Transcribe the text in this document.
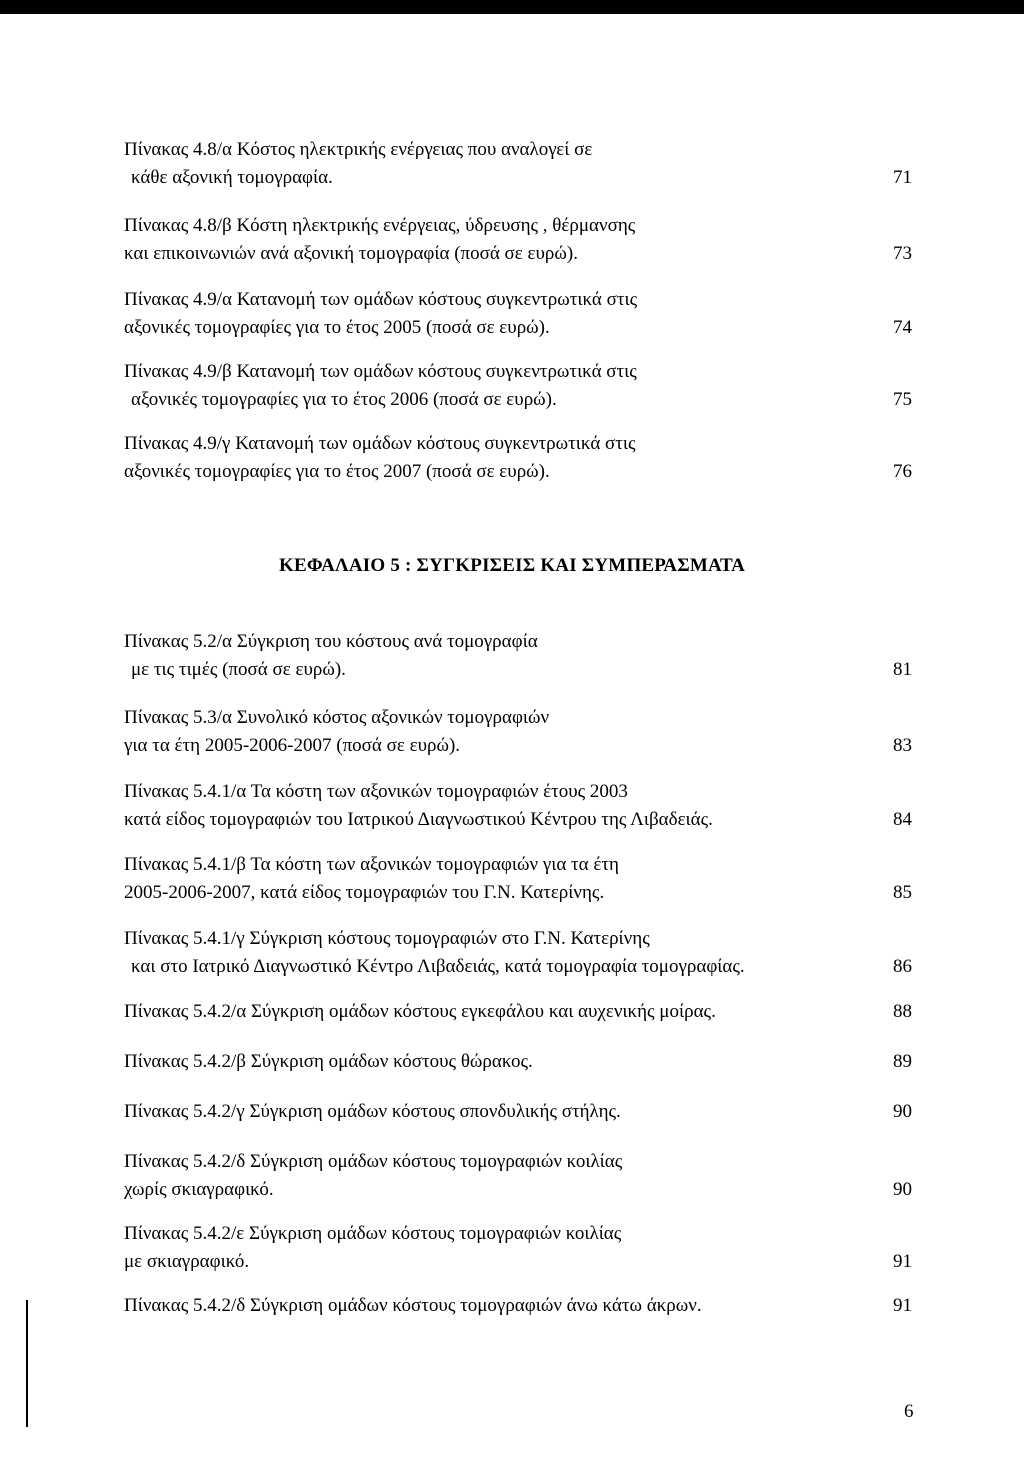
Πίνακας 4.8/α Κόστος ηλεκτρικής ενέργειας που αναλογεί σε
κάθε αξονική τομογραφία.	71
Πίνακας 4.8/β Κόστη ηλεκτρικής ενέργειας, ύδρευσης , θέρμανσης
και επικοινωνιών ανά αξονική τομογραφία (ποσά σε ευρώ).	73
Πίνακας 4.9/α Κατανομή των ομάδων κόστους συγκεντρωτικά στις
αξονικές τομογραφίες για το έτος 2005 (ποσά σε ευρώ).	74
Πίνακας 4.9/β Κατανομή των ομάδων κόστους συγκεντρωτικά στις
αξονικές τομογραφίες για το έτος 2006 (ποσά σε ευρώ).	75
Πίνακας 4.9/γ Κατανομή των ομάδων κόστους συγκεντρωτικά στις
αξονικές τομογραφίες για το έτος 2007 (ποσά σε ευρώ).	76
ΚΕΦΑΛΑΙΟ 5 : ΣΥΓΚΡΙΣΕΙΣ ΚΑΙ ΣΥΜΠΕΡΑΣΜΑΤΑ
Πίνακας 5.2/α Σύγκριση του κόστους ανά τομογραφία
με τις τιμές (ποσά σε ευρώ).	81
Πίνακας 5.3/α Συνολικό κόστος αξονικών τομογραφιών
για τα έτη 2005-2006-2007 (ποσά σε ευρώ).	83
Πίνακας 5.4.1/α Τα κόστη των αξονικών τομογραφιών έτους 2003
κατά είδος τομογραφιών του Ιατρικού Διαγνωστικού Κέντρου της Λιβαδειάς.	84
Πίνακας 5.4.1/β Τα κόστη των αξονικών τομογραφιών για τα έτη
2005-2006-2007, κατά είδος τομογραφιών του Γ.Ν. Κατερίνης.	85
Πίνακας 5.4.1/γ Σύγκριση κόστους τομογραφιών στο Γ.Ν. Κατερίνης
και στο Ιατρικό Διαγνωστικό Κέντρο Λιβαδειάς, κατά τομογραφία τομογραφίας.	86
Πίνακας 5.4.2/α Σύγκριση ομάδων κόστους εγκεφάλου και αυχενικής μοίρας.	88
Πίνακας 5.4.2/β Σύγκριση ομάδων κόστους θώρακος.	89
Πίνακας 5.4.2/γ Σύγκριση ομάδων κόστους σπονδυλικής στήλης.	90
Πίνακας 5.4.2/δ Σύγκριση ομάδων κόστους τομογραφιών κοιλίας
χωρίς σκιαγραφικό.	90
Πίνακας 5.4.2/ε Σύγκριση ομάδων κόστους τομογραφιών κοιλίας
με σκιαγραφικό.	91
Πίνακας 5.4.2/δ Σύγκριση ομάδων κόστους τομογραφιών άνω κάτω άκρων.	91
6
